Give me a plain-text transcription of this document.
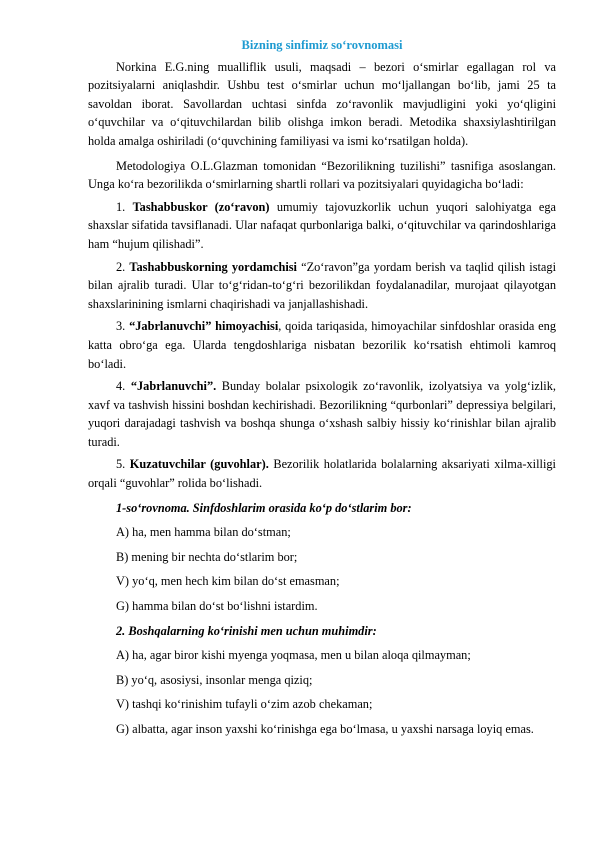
Bizning sinfimiz so‘rovnomasi

Norkina E.G.ning mualliflik usuli, maqsadi – bezori o‘smirlar egallagan rol va pozitsiyalarni aniqlashdir. Ushbu test o‘smirlar uchun mo‘ljallangan bo‘lib, jami 25 ta savoldan iborat. Savollardan uchtasi sinfda zo‘ravonlik mavjudligini yoki yo‘qligini o‘quvchilar va o‘qituvchilardan bilib olishga imkon beradi. Metodika shaxsiylashtirilgan holda amalga oshiriladi (o‘quvchining familiyasi va ismi ko‘rsatilgan holda).

Metodologiya O.L.Glazman tomonidan “Bezorilikning tuzilishi” tasnifiga asoslangan. Unga ko‘ra bezorilikda o‘smirlarning shartli rollari va pozitsiyalari quyidagicha bo‘ladi:

1. Tashabbuskor (zo‘ravon) umumiy tajovuzkorlik uchun yuqori salohiyatga ega shaxslar sifatida tavsiflanadi. Ular nafaqat qurbonlariga balki, o‘qituvchilar va qarindoshlariga ham “hujum qilishadi”.

2. Tashabbuskorning yordamchisi “Zo‘ravon”ga yordam berish va taqlid qilish istagi bilan ajralib turadi. Ular to‘g‘ridan-to‘g‘ri bezorilikdan foydalanadilar, murojaat qilayotgan shaxslarinining ismlarni chaqirishadi va janjallashishadi.

3. “Jabrlanuvchi” himoyachisi, qoida tariqasida, himoyachilar sinfdoshlar orasida eng katta obro‘ga ega. Ularda tengdoshlariga nisbatan bezorilik ko‘rsatish ehtimoli kamroq bo‘ladi.

4. “Jabrlanuvchi”. Bunday bolalar psixologik zo‘ravonlik, izolyatsiya va yolg‘izlik, xavf va tashvish hissini boshdan kechirishadi. Bezorilikning “qurbonlari” depressiya belgilari, yuqori darajadagi tashvish va boshqa shunga o‘xshash salbiy hissiy ko‘rinishlar bilan ajralib turadi.

5. Kuzatuvchilar (guvohlar). Bezorilik holatlarida bolalarning aksariyati xilma-xilligi orqali “guvohlar” rolida bo‘lishadi.

1-so‘rovnoma. Sinfdoshlarim orasida ko‘p do‘stlarim bor:

A) ha, men hamma bilan do‘stman;

B) mening bir nechta do‘stlarim bor;

V) yo‘q, men hech kim bilan do‘st emasman;

G) hamma bilan do‘st bo‘lishni istardim.

2. Boshqalarning ko‘rinishi men uchun muhimdir:

A) ha, agar biror kishi myenga yoqmasa, men u bilan aloqa qilmayman;

B) yo‘q, asosiysi, insonlar menga qiziq;

V) tashqi ko‘rinishim tufayli o‘zim azob chekaman;

G) albatta, agar inson yaxshi ko‘rinishga ega bo‘lmasa, u yaxshi narsaga loyiq emas.
